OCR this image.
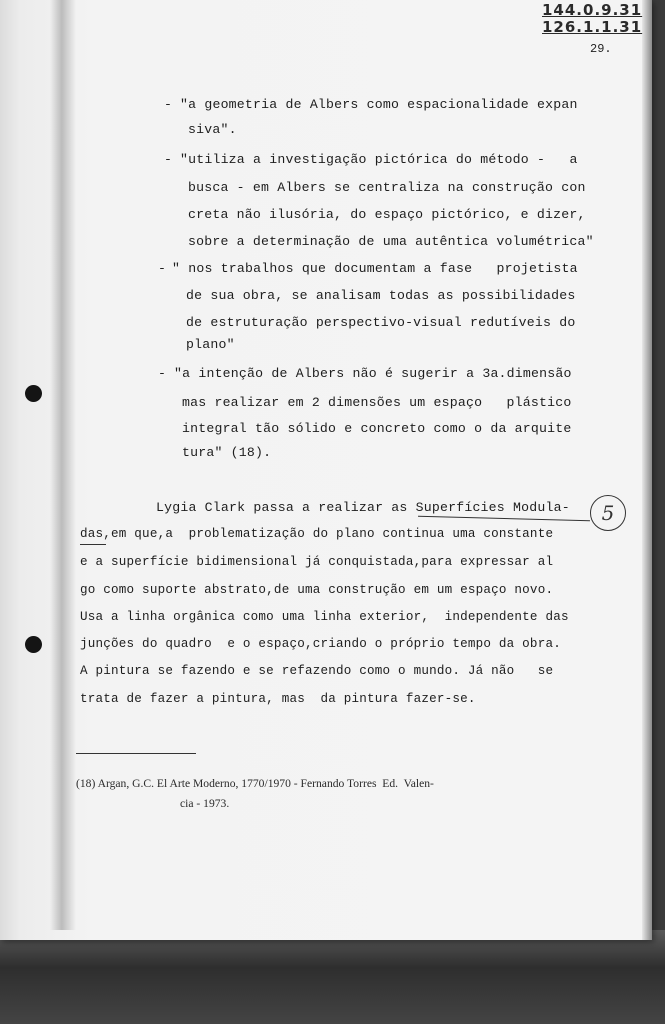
144.0.9.31
126.1.1.31
29.
- "a geometria de Albers como espacionalidade expan
siva".
- "utiliza a investigação pictórica do método -   a
busca - em Albers se centraliza na construção con
creta não ilusória, do espaço pictórico, e dizer,
sobre a determinação de uma autêntica volumétrica"
- " nos trabalhos que documentam a fase   projetista
de sua obra, se analisam todas as possibilidades
de estruturação perspectivo-visual redutíveis do
plano"
- "a intenção de Albers não é sugerir a 3a.dimensão
mas realizar em 2 dimensões um espaço   plástico
integral tão sólido e concreto como o da arquite
tura" (18).
Lygia Clark passa a realizar as Superfícies Modula-
das,em que,a  problematização do plano continua uma constante
e a superfície bidimensional já conquistada,para expressar al
go como suporte abstrato,de uma construção em um espaço novo.
Usa a linha orgânica como uma linha exterior,  independente das
junções do quadro  e o espaço,criando o próprio tempo da obra.
A pintura se fazendo e se refazendo como o mundo. Já não   se
trata de fazer a pintura, mas  da pintura fazer-se.
5
(18) Argan, G.C. El Arte Moderno, 1770/1970 - Fernando Torres  Ed.  Valen-
cia - 1973.
